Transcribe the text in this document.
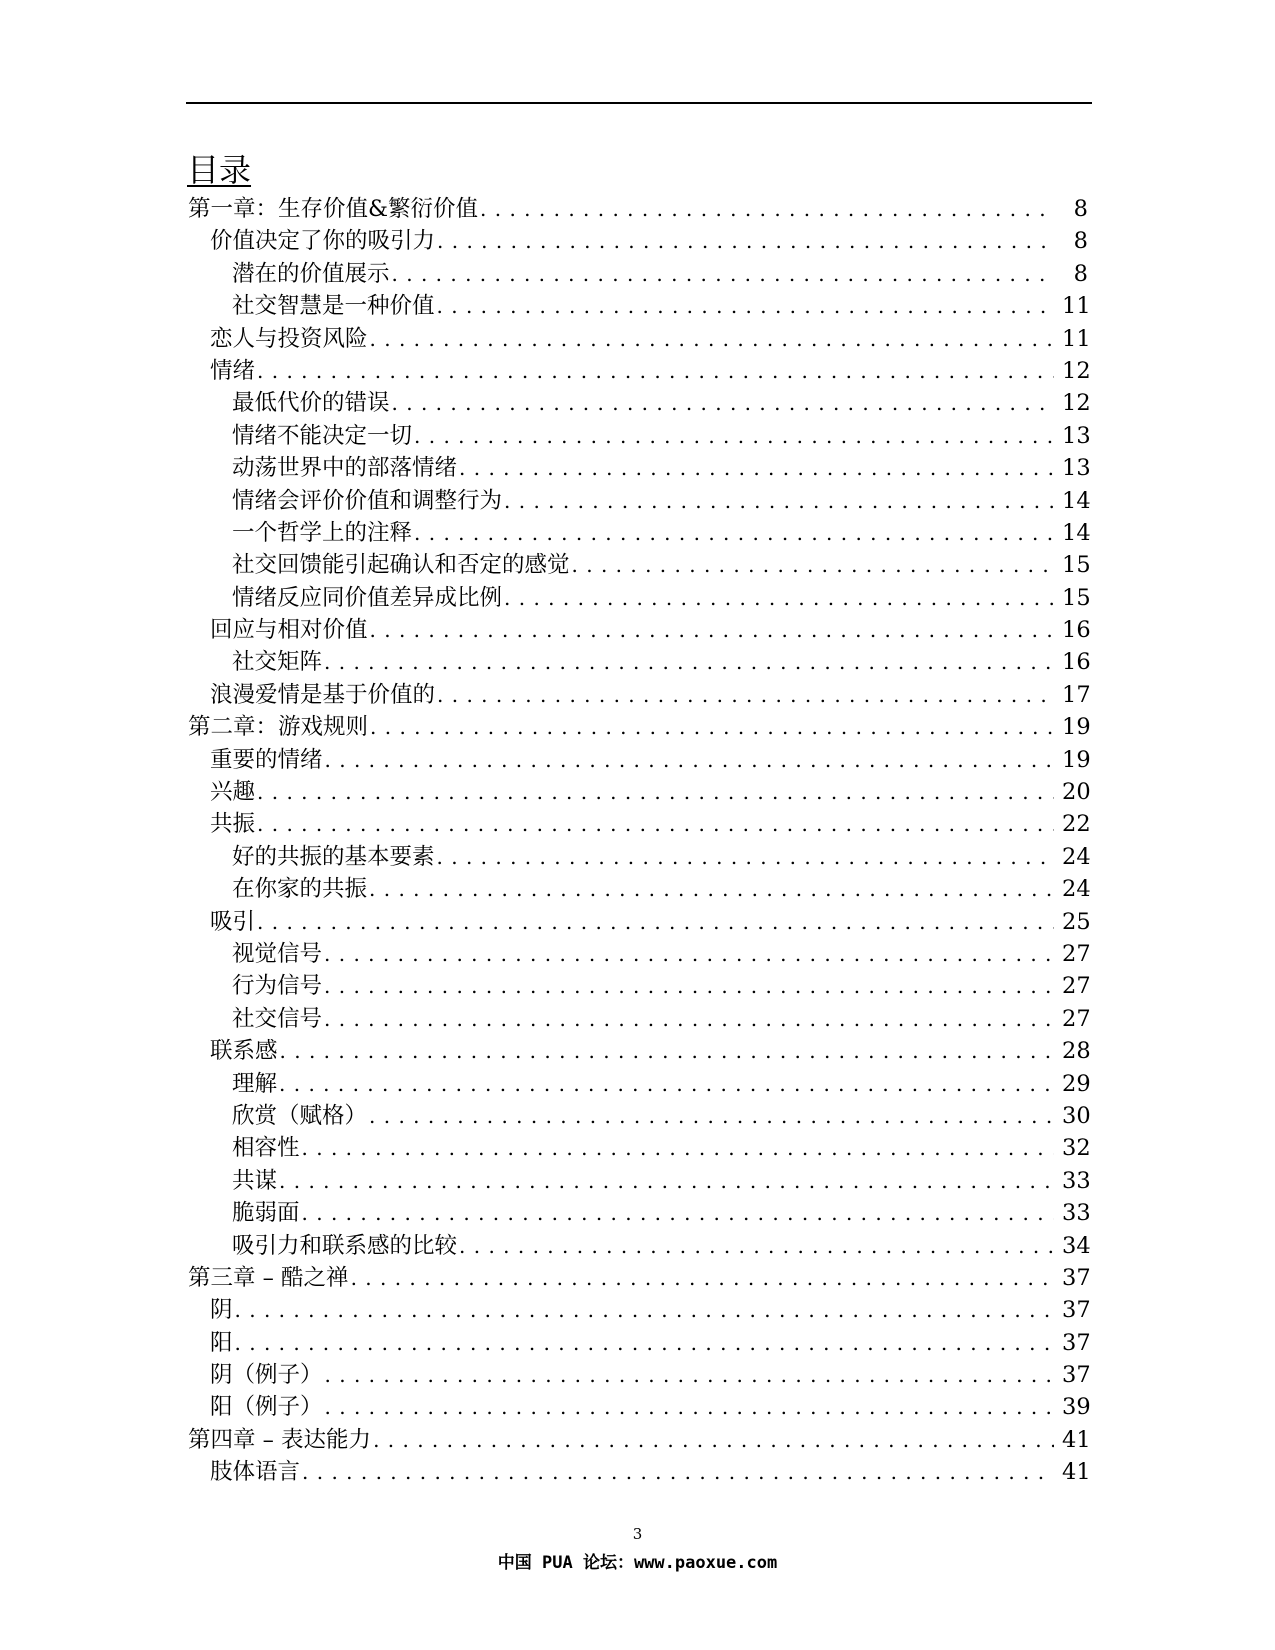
目录
第一章：生存价值&繁衍价值 . . .	8
价值决定了你的吸引力 . . .	8
潜在的价值展示 . . .	8
社交智慧是一种价值 . . .	11
恋人与投资风险 . . .	11
情绪 . . .	12
最低代价的错误 . . .	12
情绪不能决定一切 . . .	13
动荡世界中的部落情绪 . . .	13
情绪会评价价值和调整行为 . . .	14
一个哲学上的注释 . . .	14
社交回馈能引起确认和否定的感觉 . . .	15
情绪反应同价值差异成比例 . . .	15
回应与相对价值 . . .	16
社交矩阵 . . .	16
浪漫爱情是基于价值的 . . .	17
第二章：游戏规则 . . .	19
重要的情绪 . . .	19
兴趣 . . .	20
共振 . . .	22
好的共振的基本要素 . . .	24
在你家的共振 . . .	24
吸引 . . .	25
视觉信号 . . .	27
行为信号 . . .	27
社交信号 . . .	27
联系感 . . .	28
理解 . . .	29
欣赏（赋格） . . .	30
相容性 . . .	32
共谋 . . .	33
脆弱面 . . .	33
吸引力和联系感的比较 . . .	34
第三章 – 酷之禅 . . .	37
阴 . . .	37
阳 . . .	37
阴（例子） . . .	37
阳（例子） . . .	39
第四章 – 表达能力 . . .	41
肢体语言 . . .	41
3
中国 PUA 论坛：www.paoxue.com
